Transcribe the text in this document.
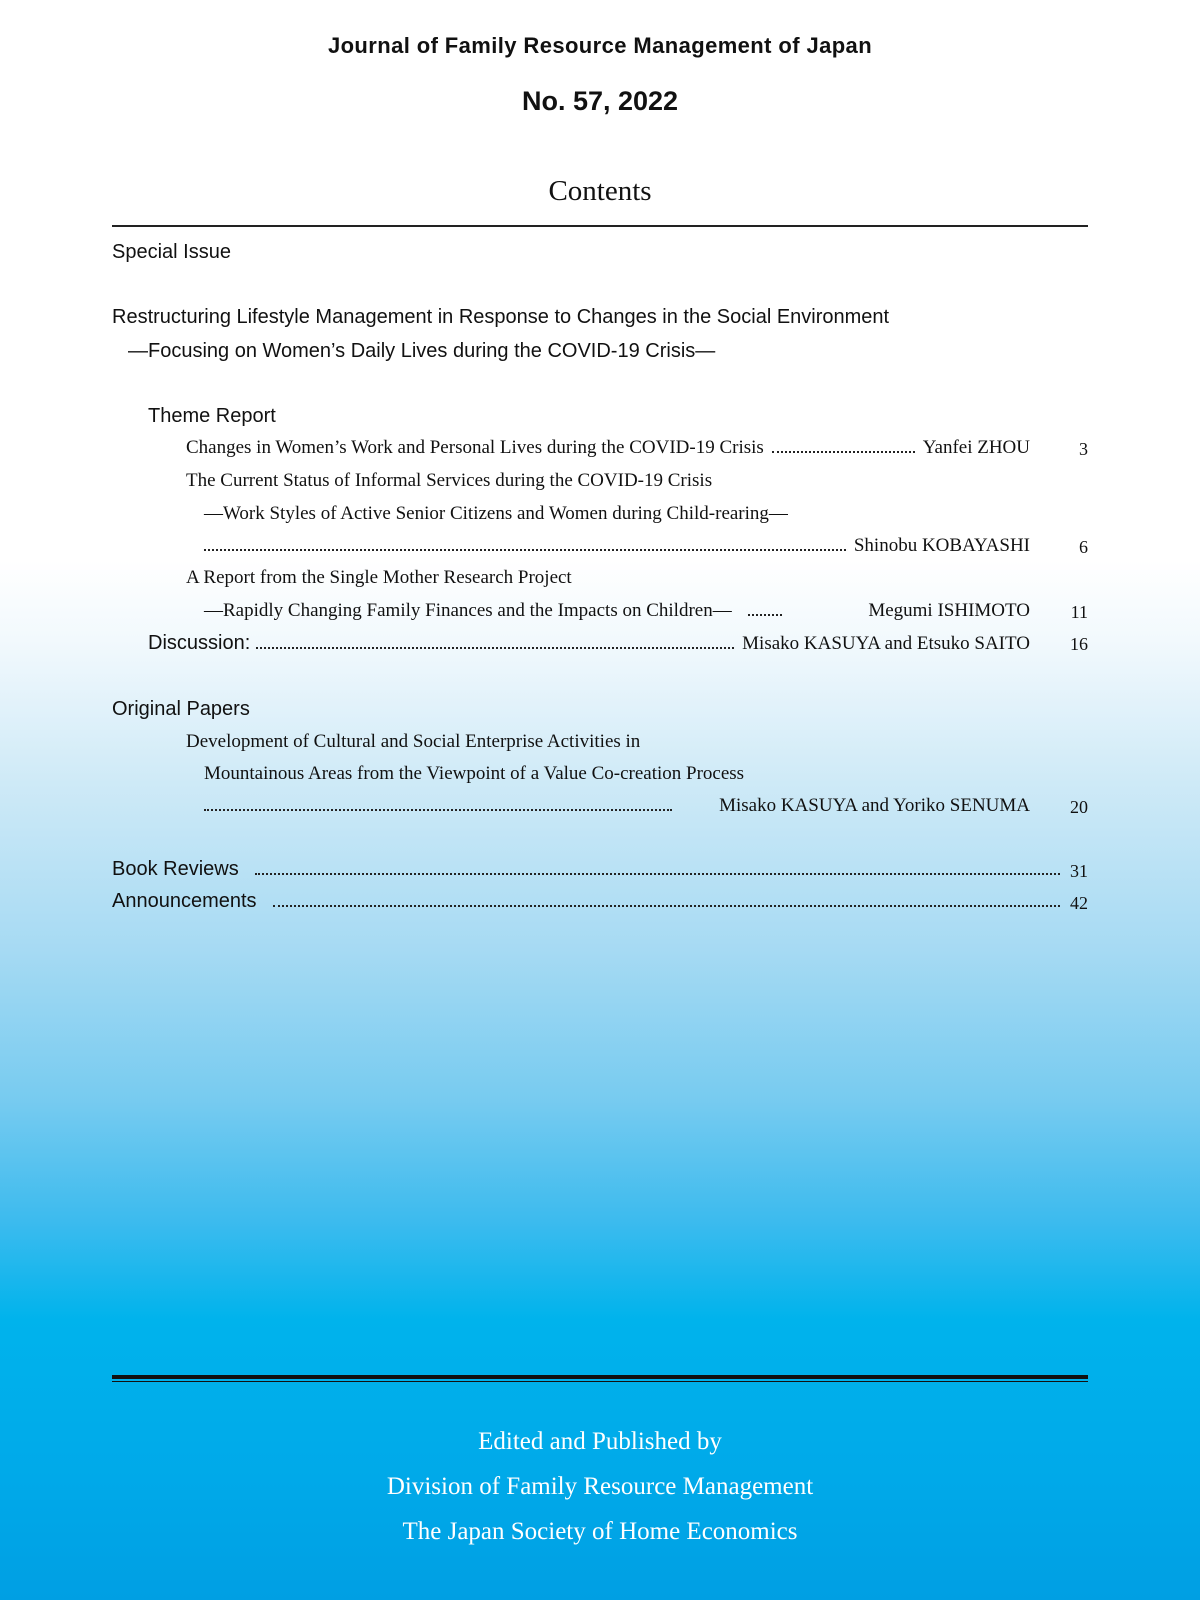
Journal of Family Resource Management of Japan
No. 57, 2022
Contents
Special Issue
Restructuring Lifestyle Management in Response to Changes in the Social Environment
—Focusing on Women’s Daily Lives during the COVID-19 Crisis—
Theme Report
Changes in Women’s Work and Personal Lives during the COVID-19 Crisis	Yanfei ZHOU	3
The Current Status of Informal Services during the COVID-19 Crisis
—Work Styles of Active Senior Citizens and Women during Child-rearing—
Shinobu KOBAYASHI	6
A Report from the Single Mother Research Project
—Rapidly Changing Family Finances and the Impacts on Children—	Megumi ISHIMOTO	11
Discussion:	Misako KASUYA and Etsuko SAITO	16
Original Papers
Development of Cultural and Social Enterprise Activities in
Mountainous Areas from the Viewpoint of a Value Co-creation Process
Misako KASUYA and Yoriko SENUMA	20
Book Reviews	31
Announcements	42
Edited and Published by
Division of Family Resource Management
The Japan Society of Home Economics
